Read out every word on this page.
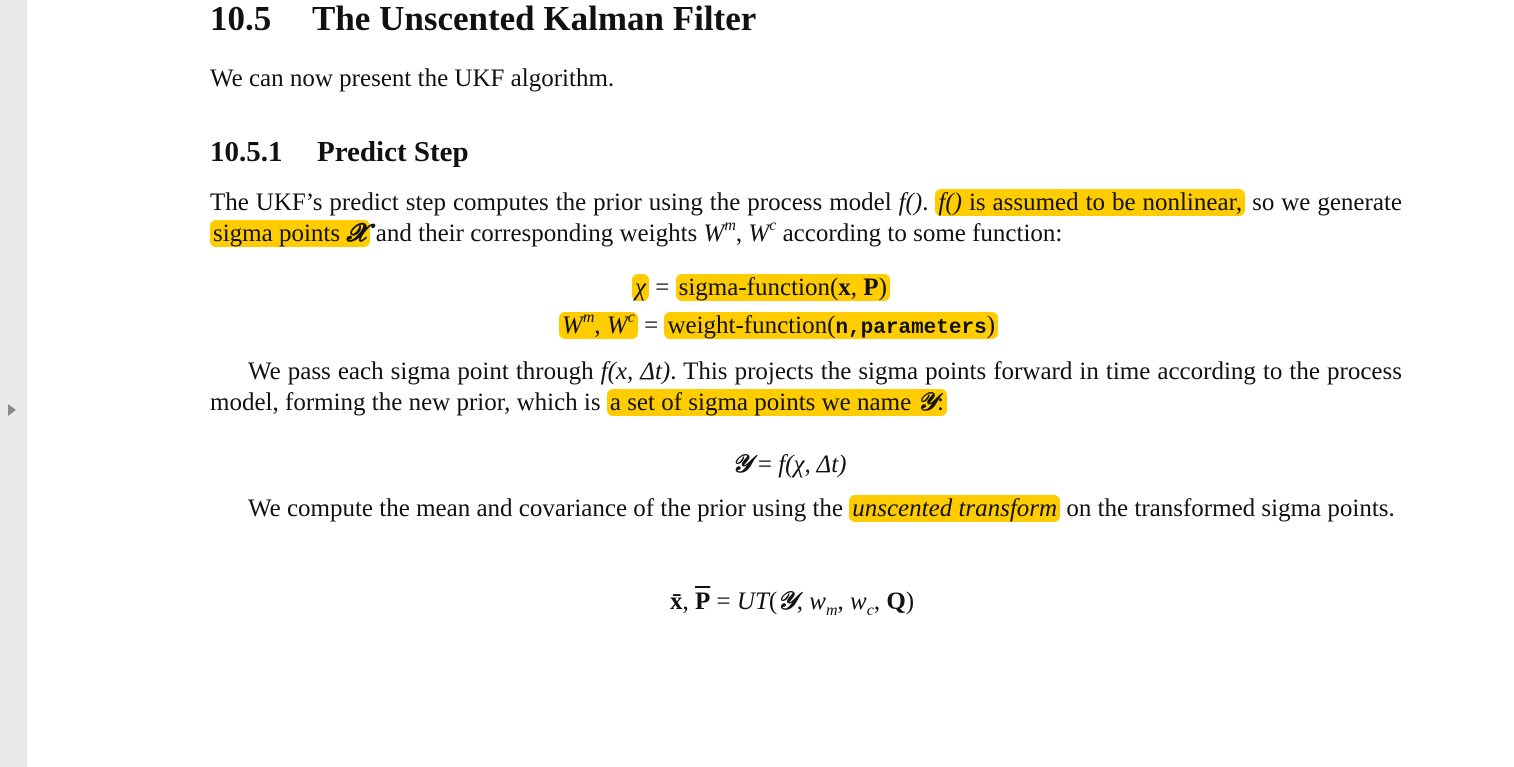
10.5 The Unscented Kalman Filter
We can now present the UKF algorithm.
10.5.1 Predict Step
The UKF’s predict step computes the prior using the process model f(). f() is assumed to be nonlinear, so we generate sigma points 𝓧 and their corresponding weights $W^m$, $W^c$ according to some function:
χ = sigma-function(x, P)
$W^m$, $W^c$ = weight-function(n,parameters)
We pass each sigma point through f(x, Δt). This projects the sigma points forward in time according to the process model, forming the new prior, which is a set of sigma points we name 𝒴:
𝒴 = f(χ, Δt)
We compute the mean and covariance of the prior using the unscented transform on the transformed sigma points.
x̄, $\overline{P}$ = UT(𝒴, $w_m$, $w_c$, Q)
